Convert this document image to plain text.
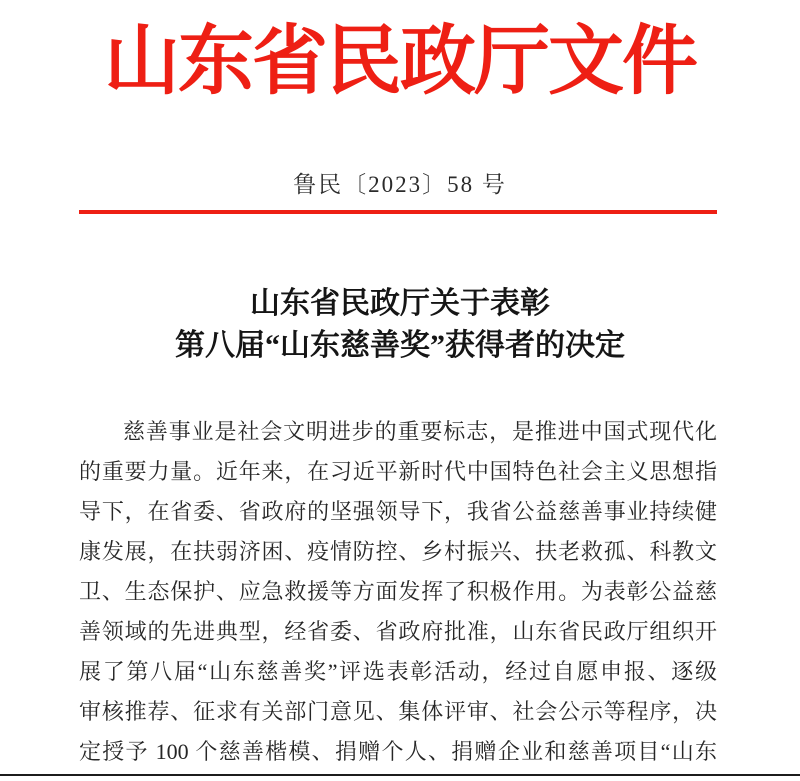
山东省民政厅文件
鲁民〔2023〕58 号
山东省民政厅关于表彰
第八届“山东慈善奖”获得者的决定
慈善事业是社会文明进步的重要标志，是推进中国式现代化
的重要力量。近年来，在习近平新时代中国特色社会主义思想指
导下，在省委、省政府的坚强领导下，我省公益慈善事业持续健
康发展，在扶弱济困、疫情防控、乡村振兴、扶老救孤、科教文
卫、生态保护、应急救援等方面发挥了积极作用。为表彰公益慈
善领域的先进典型，经省委、省政府批准，山东省民政厅组织开
展了第八届“山东慈善奖”评选表彰活动，经过自愿申报、逐级
审核推荐、征求有关部门意见、集体评审、社会公示等程序，决
定授予 100 个慈善楷模、捐赠个人、捐赠企业和慈善项目“山东
